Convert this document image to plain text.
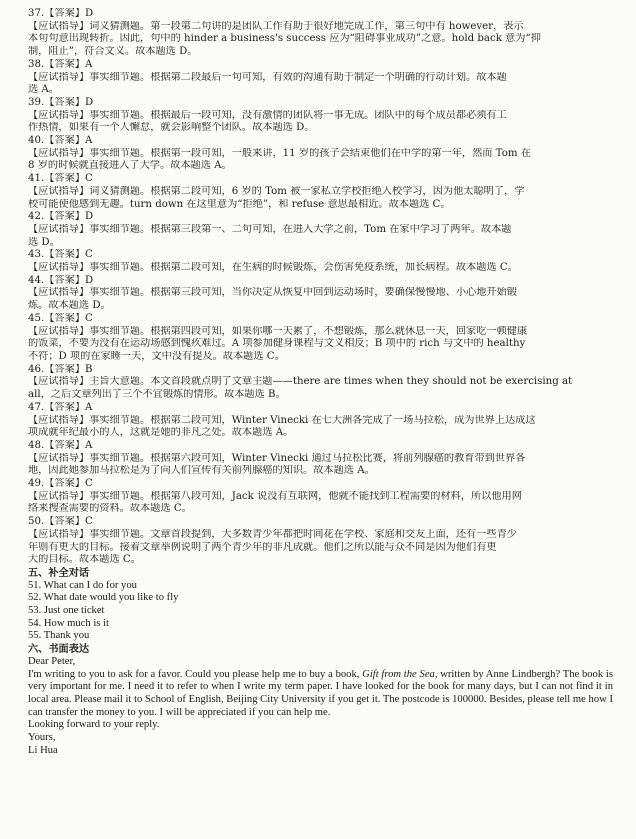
37.【答案】D
【应试指导】词义猜测题。第一段第二句讲的是团队工作有助于很好地完成工作，第三句中有 however，表示
本句句意出现转折。因此，句中的 hinder a business's success 应为“阻碍事业成功”之意。hold back 意为“抑
制，阻止”，符合文义。故本题选 D。
38.【答案】A
【应试指导】事实细节题。根据第二段最后一句可知，有效的沟通有助于制定一个明确的行动计划。故本题
选 A。
39.【答案】D
【应试指导】事实细节题。根据最后一段可知，没有激情的团队将一事无成。团队中的每个成员都必须有工
作热情，如果有一个人懈怠，就会影响整个团队。故本题选 D。
40.【答案】A
【应试指导】事实细节题。根据第一段可知，一般来讲，11 岁的孩子会结束他们在中学的第一年，然而 Tom 在
8 岁的时候就直接进入了大学。故本题选 A。
41.【答案】C
【应试指导】词义猜测题。根据第二段可知，6 岁的 Tom 被一家私立学校拒绝入校学习，因为他太聪明了，学
校可能使他感到无趣。turn down 在这里意为“拒绝”，和 refuse 意思最相近。故本题选 C。
42.【答案】D
【应试指导】事实细节题。根据第三段第一、二句可知，在进入大学之前，Tom 在家中学习了两年。故本题
选 D。
43.【答案】C
【应试指导】事实细节题。根据第二段可知，在生病的时候锻炼，会伤害免疫系统，加长病程。故本题选 C。
44.【答案】D
【应试指导】事实细节题。根据第三段可知，当你决定从恢复中回到运动场时，要确保慢慢地、小心地开始锻
炼。故本题选 D。
45.【答案】C
【应试指导】事实细节题。根据第四段可知，如果你哪一天累了，不想锻炼，那么就休息一天，回家吃一顿健康
的饭菜，不要为没有在运动场感到愧疚难过。A 项参加健身课程与文义相反；B 项中的 rich 与文中的 healthy
不符；D 项的在家睡一天，文中没有提及。故本题选 C。
46.【答案】B
【应试指导】主旨大意题。本文首段就点明了文章主题——there are times when they should not be exercising at
all，之后文章列出了三个不宜锻炼的情形。故本题选 B。
47.【答案】A
【应试指导】事实细节题。根据第二段可知，Winter Vinecki 在七大洲各完成了一场马拉松，成为世界上达成这
项成就年纪最小的人，这就是她的非凡之处。故本题选 A。
48.【答案】A
【应试指导】事实细节题。根据第六段可知，Winter Vinecki 通过马拉松比赛，将前列腺癌的教育带到世界各
地，因此她参加马拉松是为了向人们宣传有关前列腺癌的知识。故本题选 A。
49.【答案】C
【应试指导】事实细节题。根据第八段可知，Jack 说没有互联网，他就不能找到工程需要的材料，所以他用网
络来搜查需要的资料。故本题选 C。
50.【答案】C
【应试指导】事实细节题。文章首段提到，大多数青少年都把时间花在学校、家庭和交友上面，还有一些青少
年则有更大的目标。接着文章举例说明了两个青少年的非凡成就。他们之所以能与众不同是因为他们有更
大的目标。故本题选 C。
五、补全对话
51. What can I do for you
52. What date would you like to fly
53. Just one ticket
54. How much is it
55. Thank you
六、书面表达
Dear Peter,
I'm writing to you to ask for a favor. Could you please help me to buy a book, Gift from the Sea, written by Anne Lindbergh? The book is very important for me. I need it to refer to when I write my term paper. I have looked for the book for many days, but I can not find it in local area. Please mail it to School of English, Beijing City University if you get it. The postcode is 100000. Besides, please tell me how I can transfer the money to you. I will be appreciated if you can help me.
Looking forward to your reply.
Yours,
Li Hua
